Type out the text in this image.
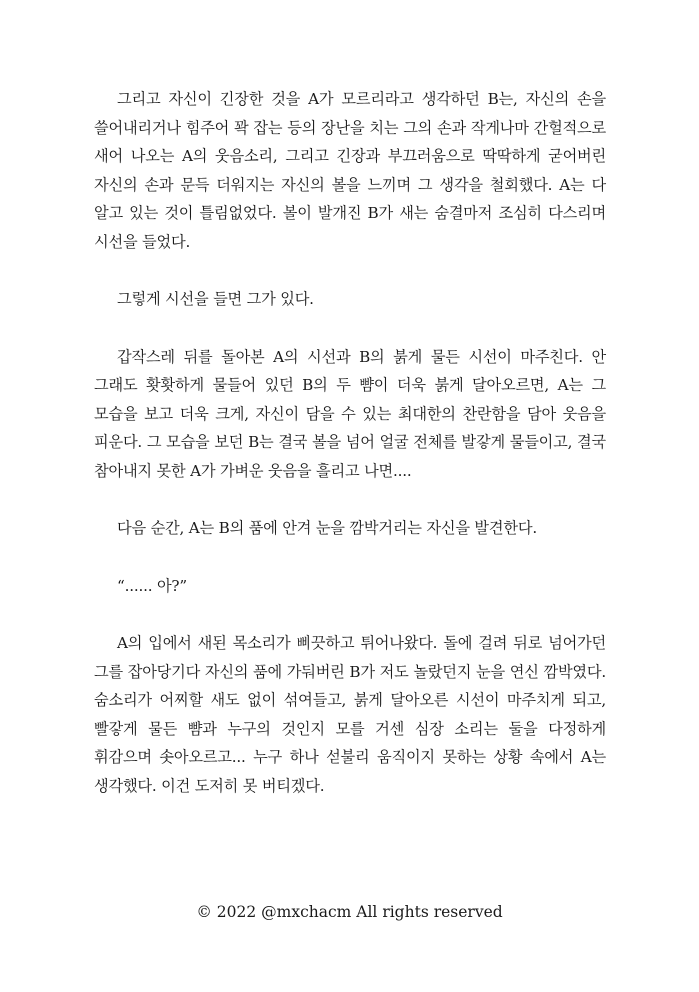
그리고 자신이 긴장한 것을 A가 모르리라고 생각하던 B는, 자신의 손을 쓸어내리거나 힘주어 꽉 잡는 등의 장난을 치는 그의 손과 작게나마 간헐적으로 새어 나오는 A의 웃음소리, 그리고 긴장과 부끄러움으로 딱딱하게 굳어버린 자신의 손과 문득 더워지는 자신의 볼을 느끼며 그 생각을 철회했다. A는 다 알고 있는 것이 틀림없었다. 볼이 발개진 B가 새는 숨결마저 조심히 다스리며 시선을 들었다.

그렇게 시선을 들면 그가 있다.

갑작스레 뒤를 돌아본 A의 시선과 B의 붉게 물든 시선이 마주친다. 안 그래도 홧홧하게 물들어 있던 B의 두 뺨이 더욱 붉게 달아오르면, A는 그 모습을 보고 더욱 크게, 자신이 담을 수 있는 최대한의 찬란함을 담아 웃음을 피운다. 그 모습을 보던 B는 결국 볼을 넘어 얼굴 전체를 발갛게 물들이고, 결국 참아내지 못한 A가 가벼운 웃음을 흘리고 나면....

다음 순간, A는 B의 품에 안겨 눈을 깜박거리는 자신을 발견한다.

“...... 아?”

A의 입에서 새된 목소리가 삐끗하고 튀어나왔다. 돌에 걸려 뒤로 넘어가던 그를 잡아당기다 자신의 품에 가둬버린 B가 저도 놀랐던지 눈을 연신 깜박였다. 숨소리가 어찌할 새도 없이 섞여들고, 붉게 달아오른 시선이 마주치게 되고, 빨갛게 물든 뺨과 누구의 것인지 모를 거센 심장 소리는 둘을 다정하게 휘감으며 솟아오르고... 누구 하나 섣불리 움직이지 못하는 상황 속에서 A는 생각했다. 이건 도저히 못 버티겠다.

© 2022 @mxchacm All rights reserved
